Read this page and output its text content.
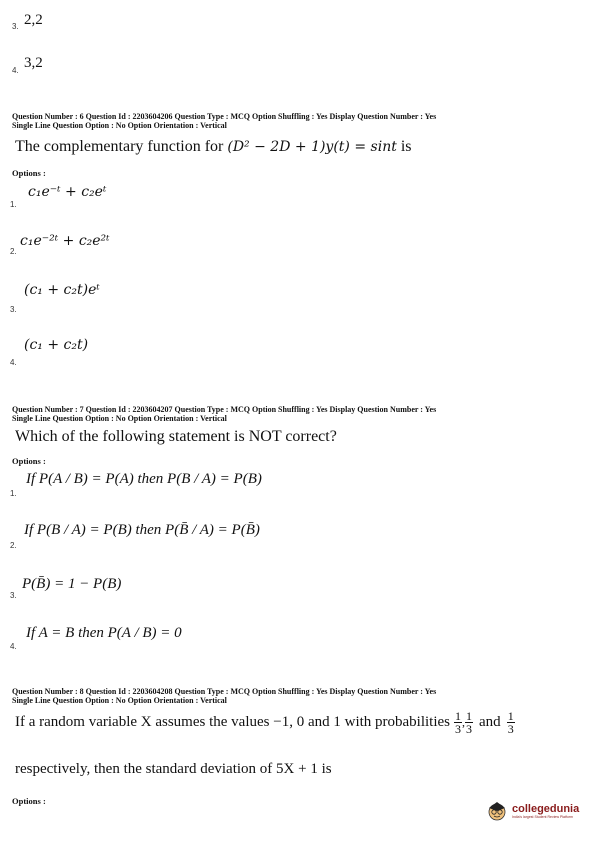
3. 2,2
4. 3,2
Question Number : 6 Question Id : 2203604206 Question Type : MCQ Option Shuffling : Yes Display Question Number : Yes
Single Line Question Option : No Option Orientation : Vertical
The complementary function for (D² − 2D + 1)y(t) = sint is
Options :
1.
c₁e⁻ᵗ + c₂eᵗ
2.
c₁e⁻²ᵗ + c₂e²ᵗ
3.
(c₁ + c₂t)eᵗ
4.
(c₁ + c₂t)
Question Number : 7 Question Id : 2203604207 Question Type : MCQ Option Shuffling : Yes Display Question Number : Yes
Single Line Question Option : No Option Orientation : Vertical
Which of the following statement is NOT correct?
Options :
1.
If P(A / B) = P(A) then P(B / A) = P(B)
2.
If P(B / A) = P(B) then P(B̄ / A) = P(B̄)
3.
P(B̄) = 1 − P(B)
4.
If A = B then P(A / B) = 0
Question Number : 8 Question Id : 2203604208 Question Type : MCQ Option Shuffling : Yes Display Question Number : Yes
Single Line Question Option : No Option Orientation : Vertical
If a random variable X assumes the values −1, 0 and 1 with probabilities $\frac{1}{3}$ , $\frac{1}{3}$ and $\frac{1}{3}$
respectively, then the standard deviation of 5X + 1 is
Options :
collegedunia
India's largest Student Review Platform
